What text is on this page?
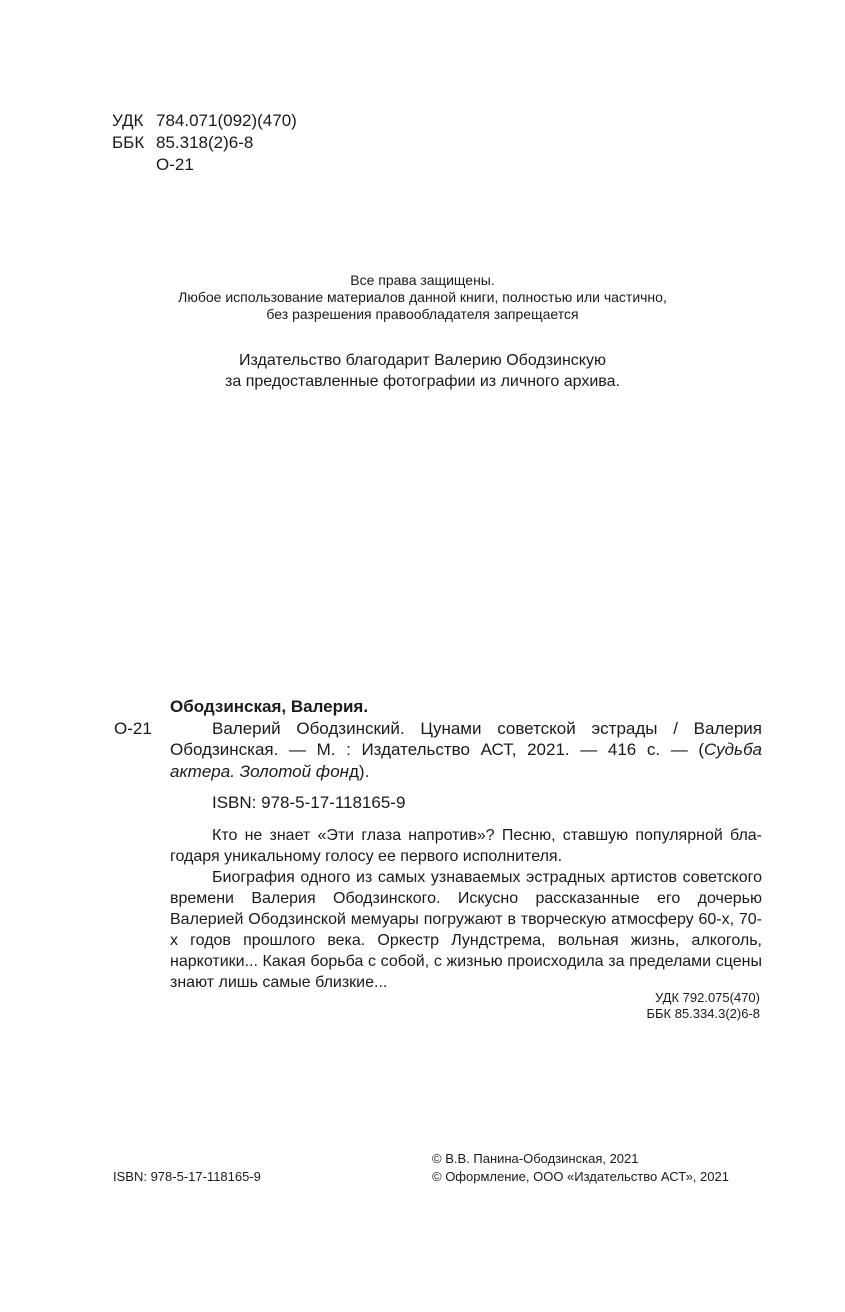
УДК 784.071(092)(470)
ББК 85.318(2)6-8
О-21
Все права защищены.
Любое использование материалов данной книги, полностью или частично,
без разрешения правообладателя запрещается
Издательство благодарит Валерию Ободзинскую
за предоставленные фотографии из личного архива.
Ободзинская, Валерия.
О-21	Валерий Ободзинский. Цунами советской эстрады / Валерия Ободзинская. — М. : Издательство АСТ, 2021. — 416 с. — (Судьба актера. Золотой фонд).
ISBN: 978-5-17-118165-9

Кто не знает «Эти глаза напротив»? Песню, ставшую популярной благодаря уникальному голосу ее первого исполнителя.

Биография одного из самых узнаваемых эстрадных артистов советского времени Валерия Ободзинского. Искусно рассказанные его дочерью Валерией Ободзинской мемуары погружают в творческую атмосферу 60-х, 70-х годов прошлого века. Оркестр Лундстрема, вольная жизнь, алкоголь, наркотики... Какая борьба с собой, с жизнью происходила за пределами сцены знают лишь самые близкие...

УДК 792.075(470)
ББК 85.334.3(2)6-8
ISBN: 978-5-17-118165-9
© В.В. Панина-Ободзинская, 2021
© Оформление, ООО «Издательство АСТ», 2021
